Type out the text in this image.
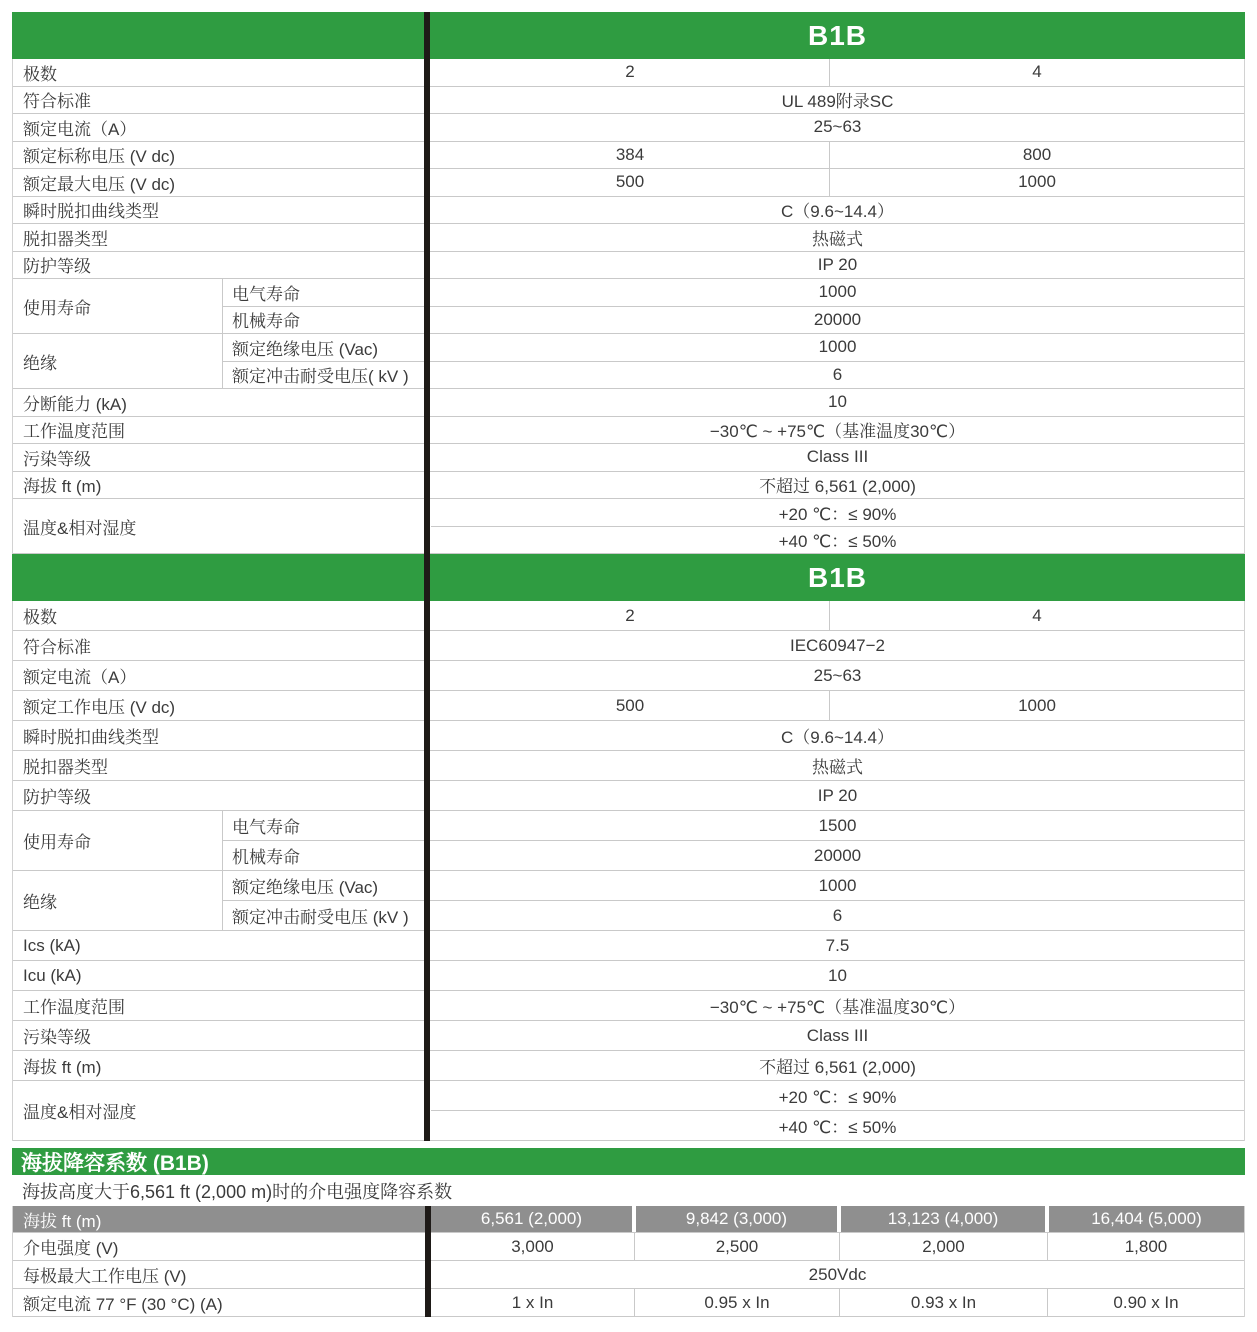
B1B
极数	2	4
符合标准	UL 489附录SC
额定电流（A）	25~63
额定标称电压 (V dc)	384	800
额定最大电压 (V dc)	500	1000
瞬时脱扣曲线类型	C（9.6~14.4）
脱扣器类型	热磁式
防护等级	IP 20
使用寿命
电气寿命	1000
机械寿命	20000
绝缘
额定绝缘电压 (Vac)	1000
额定冲击耐受电压( kV )	6
分断能力 (kA)	10
工作温度范围	−30℃ ~ +75℃（基准温度30℃）
污染等级	Class III
海拔 ft (m)	不超过 6,561 (2,000)
温度&相对湿度
+20 ℃：≤ 90%
+40 ℃：≤ 50%
B1B
极数	2	4
符合标准	IEC60947−2
额定电流（A）	25~63
额定工作电压 (V dc)	500	1000
瞬时脱扣曲线类型	C（9.6~14.4）
脱扣器类型	热磁式
防护等级	IP 20
使用寿命
电气寿命	1500
机械寿命	20000
绝缘
额定绝缘电压 (Vac)	1000
额定冲击耐受电压 (kV )	6
Ics (kA)	7.5
Icu (kA)	10
工作温度范围	−30℃ ~ +75℃（基准温度30℃）
污染等级	Class III
海拔 ft (m)	不超过 6,561 (2,000)
温度&相对湿度
+20 ℃：≤ 90%
+40 ℃：≤ 50%
海拔降容系数 (B1B)
海拔高度大于6,561 ft (2,000 m)时的介电强度降容系数
海拔 ft (m)	6,561 (2,000)	9,842 (3,000)	13,123 (4,000)	16,404 (5,000)
介电强度 (V)	3,000	2,500	2,000	1,800
每极最大工作电压 (V)	250Vdc
额定电流 77 °F (30 °C) (A)	1 x In	0.95 x In	0.93 x In	0.90 x In
